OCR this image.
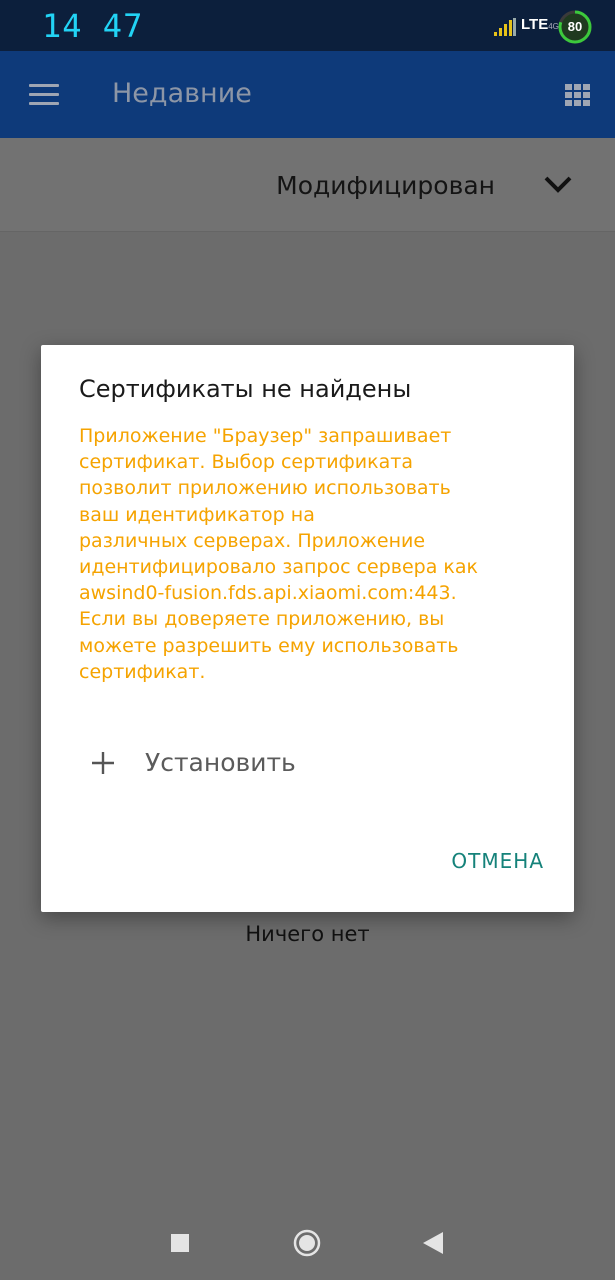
14 47	LTE4G 80
Недавние
Модифицирован
Ничего нет
Сертификаты не найдены
Приложение "Браузер" запрашивает
сертификат. Выбор сертификата
позволит приложению использовать
ваш идентификатор на
различных серверах. Приложение
идентифицировало запрос сервера как
awsind0-fusion.fds.api.xiaomi.com:443.
Если вы доверяете приложению, вы
можете разрешить ему использовать
сертификат.
Установить
ОТМЕНА
